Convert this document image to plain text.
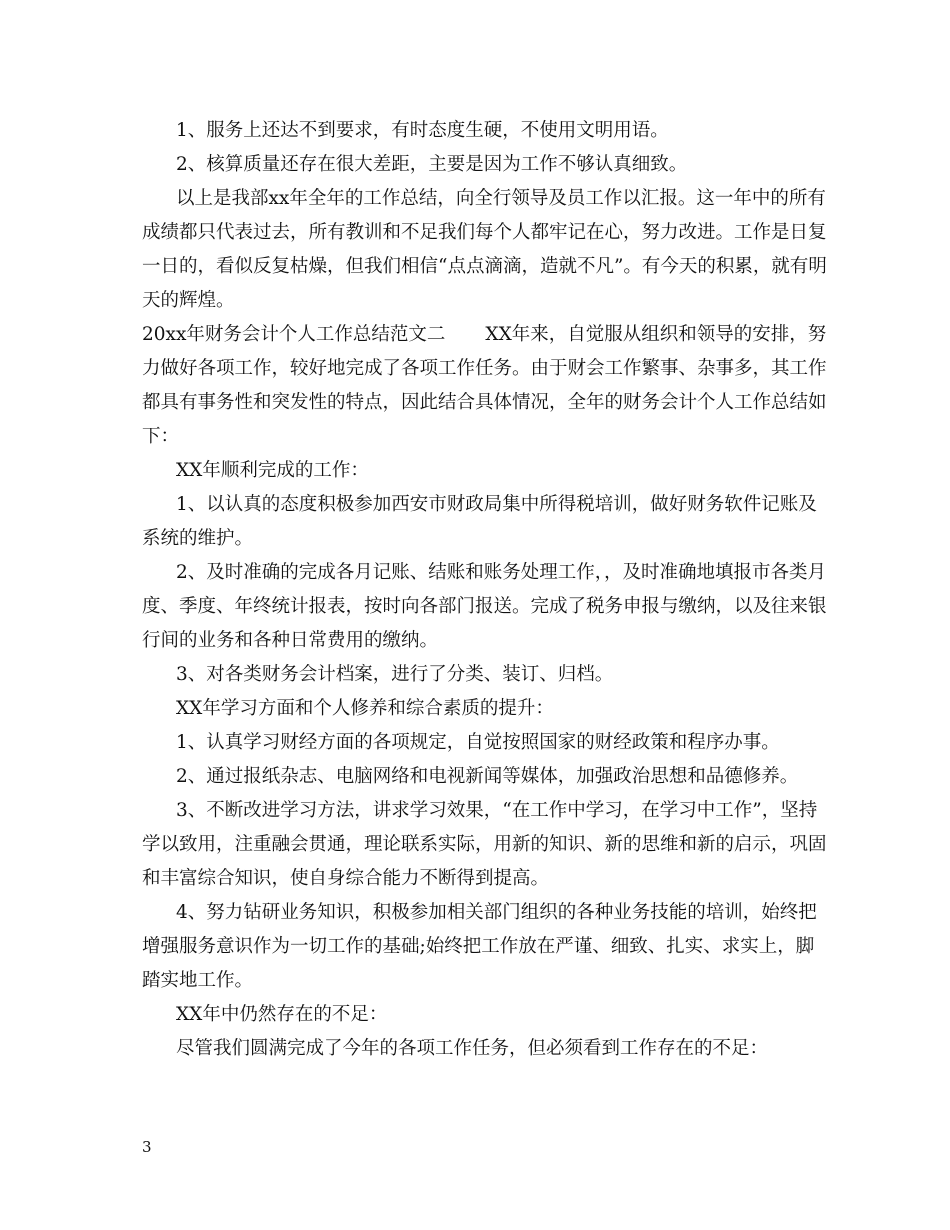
1、服务上还达不到要求，有时态度生硬，不使用文明用语。

2、核算质量还存在很大差距，主要是因为工作不够认真细致。

以上是我部xx年全年的工作总结，向全行领导及员工作以汇报。这一年中的所有成绩都只代表过去，所有教训和不足我们每个人都牢记在心，努力改进。工作是日复一日的，看似反复枯燥，但我们相信“点点滴滴，造就不凡”。有今天的积累，就有明天的辉煌。

20xx年财务会计个人工作总结范文二 XX年来，自觉服从组织和领导的安排，努力做好各项工作，较好地完成了各项工作任务。由于财会工作繁事、杂事多，其工作都具有事务性和突发性的特点，因此结合具体情况，全年的财务会计个人工作总结如下：

XX年顺利完成的工作：

1、以认真的态度积极参加西安市财政局集中所得税培训，做好财务软件记账及系统的维护。

2、及时准确的完成各月记账、结账和账务处理工作，，及时准确地填报市各类月度、季度、年终统计报表，按时向各部门报送。完成了税务申报与缴纳，以及往来银行间的业务和各种日常费用的缴纳。

3、对各类财务会计档案，进行了分类、装订、归档。

XX年学习方面和个人修养和综合素质的提升：

1、认真学习财经方面的各项规定，自觉按照国家的财经政策和程序办事。

2、通过报纸杂志、电脑网络和电视新闻等媒体，加强政治思想和品德修养。

3、不断改进学习方法，讲求学习效果，“在工作中学习，在学习中工作”，坚持学以致用，注重融会贯通，理论联系实际，用新的知识、新的思维和新的启示，巩固和丰富综合知识，使自身综合能力不断得到提高。

4、努力钻研业务知识，积极参加相关部门组织的各种业务技能的培训，始终把增强服务意识作为一切工作的基础;始终把工作放在严谨、细致、扎实、求实上，脚踏实地工作。

XX年中仍然存在的不足：

尽管我们圆满完成了今年的各项工作任务，但必须看到工作存在的不足：

3
